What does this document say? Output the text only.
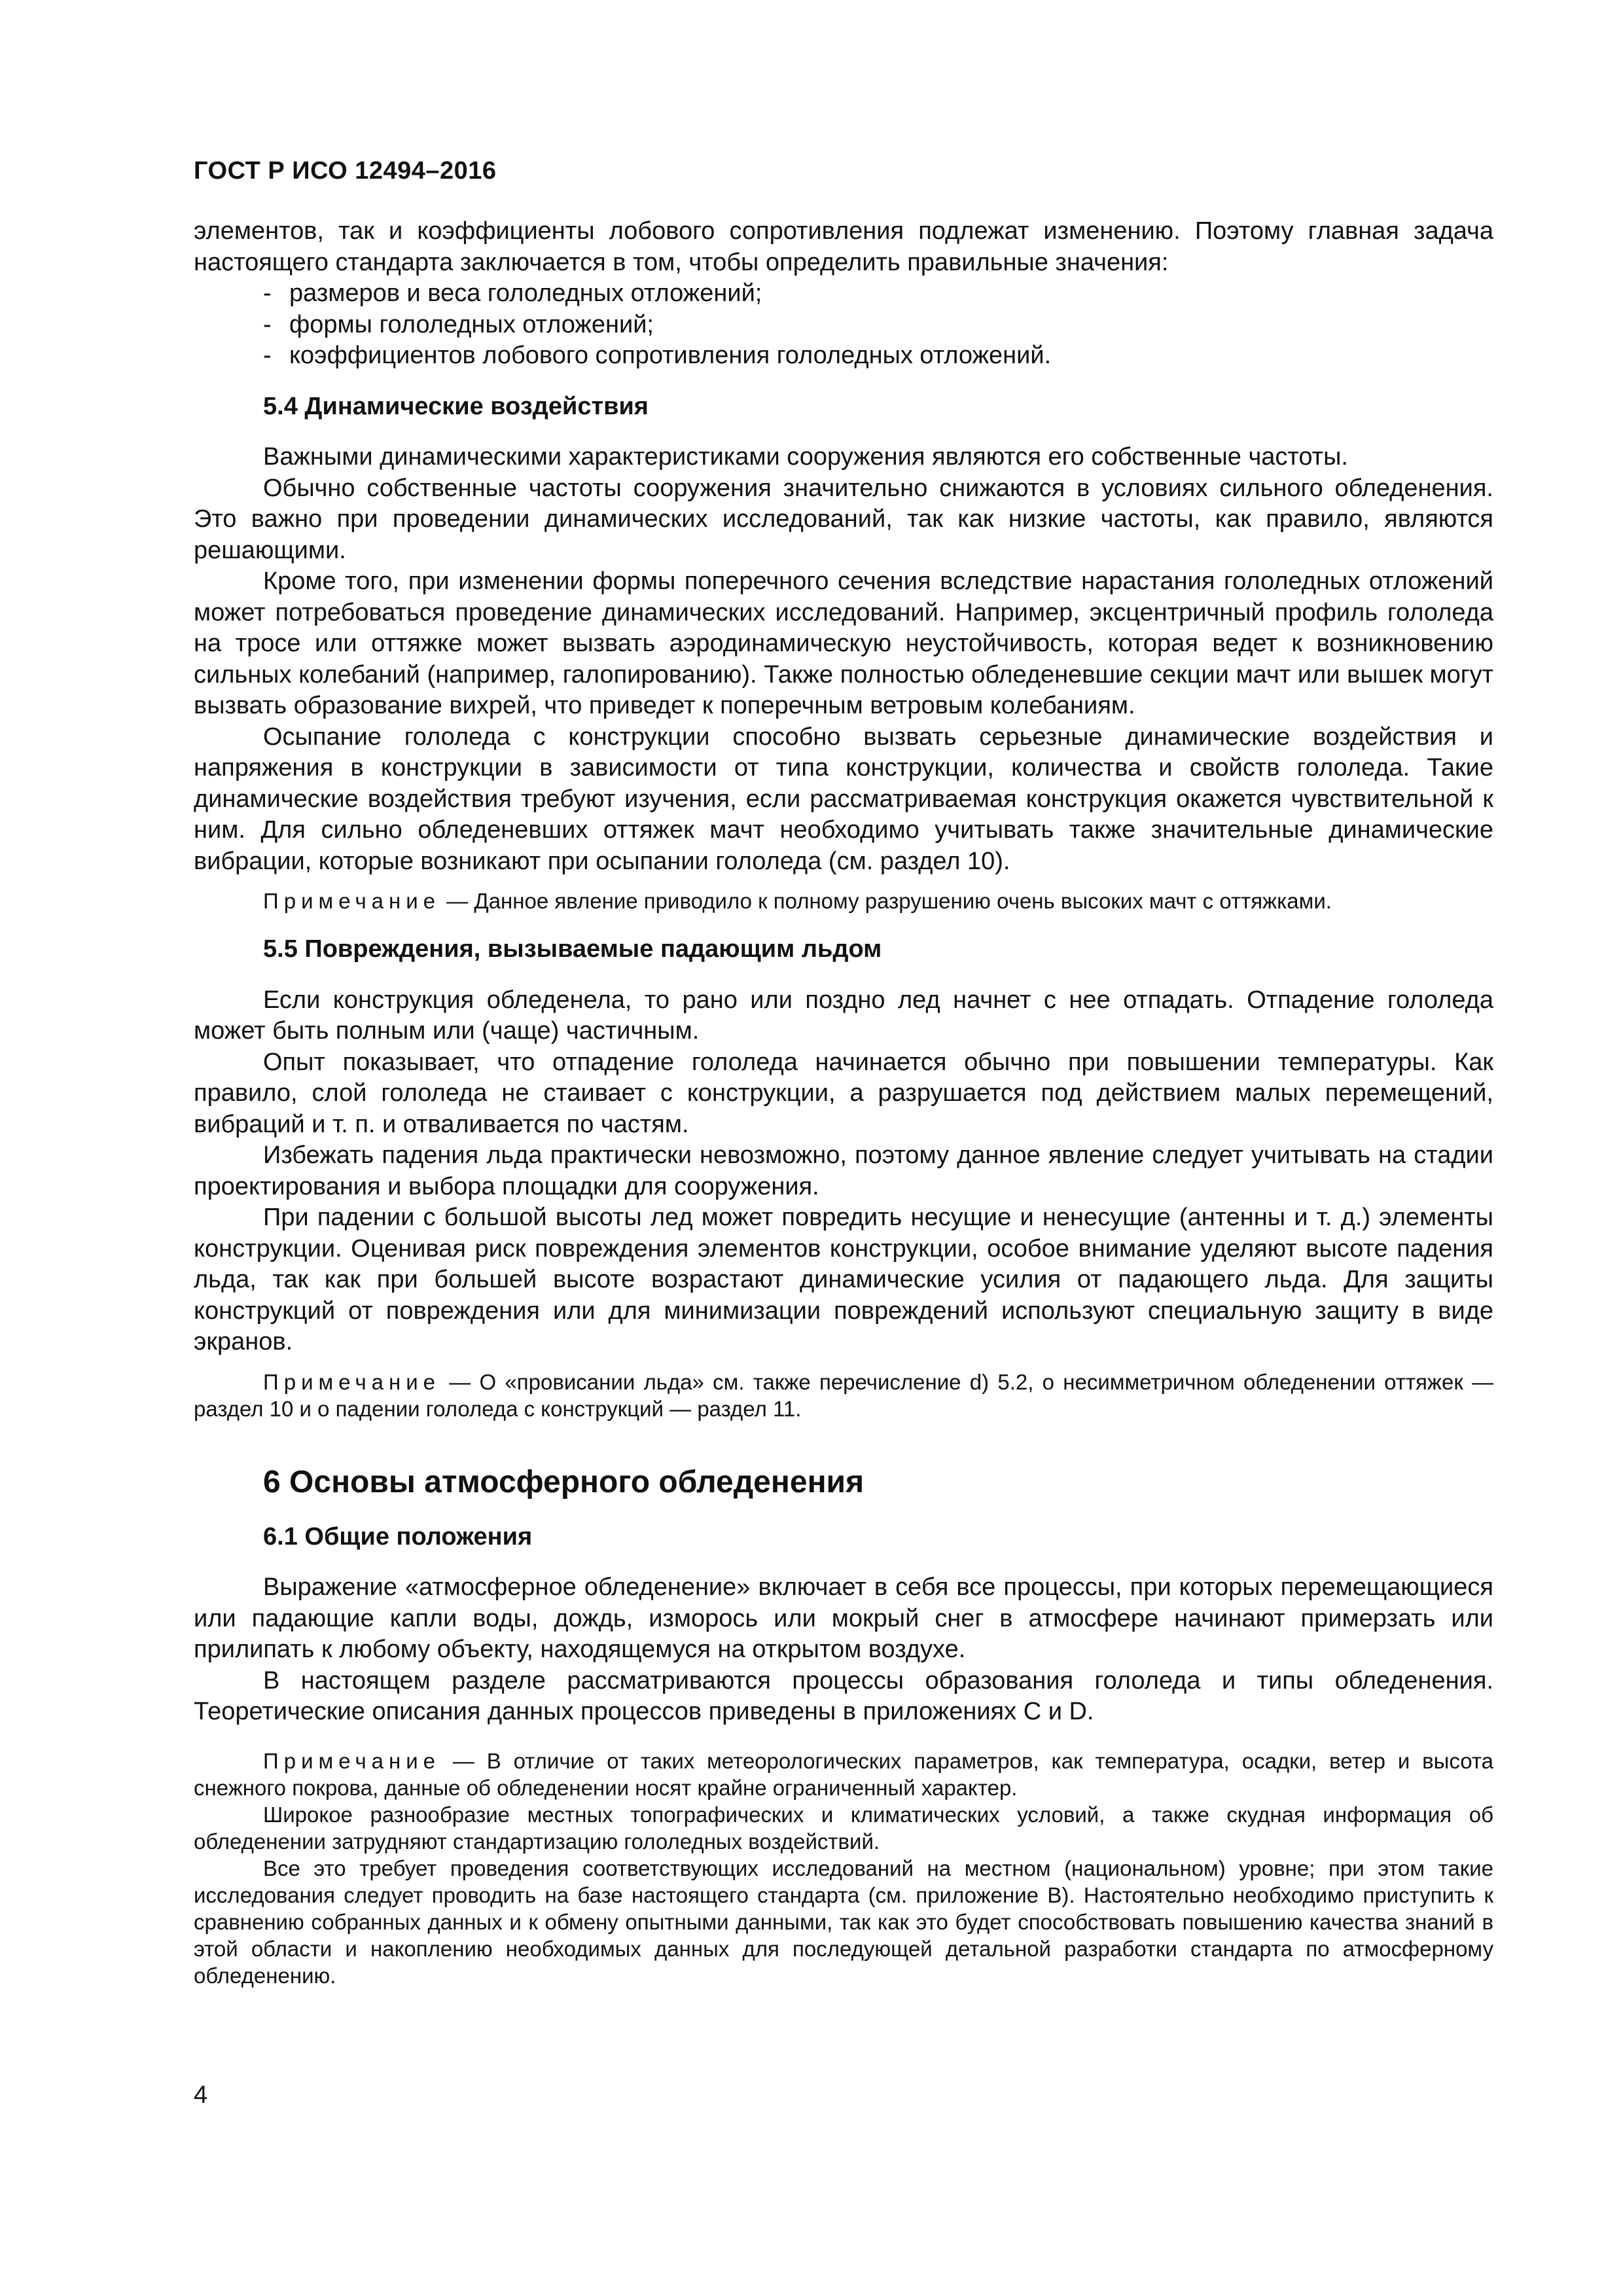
ГОСТ Р ИСО 12494–2016

элементов, так и коэффициенты лобового сопротивления подлежат изменению. Поэтому главная задача настоящего стандарта заключается в том, чтобы определить правильные значения:

- размеров и веса гололедных отложений;
- формы гололедных отложений;
- коэффициентов лобового сопротивления гололедных отложений.
5.4 Динамические воздействия

Важными динамическими характеристиками сооружения являются его собственные частоты.

Обычно собственные частоты сооружения значительно снижаются в условиях сильного обледенения. Это важно при проведении динамических исследований, так как низкие частоты, как правило, являются решающими.

Кроме того, при изменении формы поперечного сечения вследствие нарастания гололедных отложений может потребоваться проведение динамических исследований. Например, эксцентричный профиль гололеда на тросе или оттяжке может вызвать аэродинамическую неустойчивость, которая ведет к возникновению сильных колебаний (например, галопированию). Также полностью обледеневшие секции мачт или вышек могут вызвать образование вихрей, что приведет к поперечным ветровым колебаниям.

Осыпание гололеда с конструкции способно вызвать серьезные динамические воздействия и напряжения в конструкции в зависимости от типа конструкции, количества и свойств гололеда. Такие динамические воздействия требуют изучения, если рассматриваемая конструкция окажется чувствительной к ним. Для сильно обледеневших оттяжек мачт необходимо учитывать также значительные динамические вибрации, которые возникают при осыпании гололеда (см. раздел 10).

Примечание — Данное явление приводило к полному разрушению очень высоких мачт с оттяжками.

5.5 Повреждения, вызываемые падающим льдом

Если конструкция обледенела, то рано или поздно лед начнет с нее отпадать. Отпадение гололеда может быть полным или (чаще) частичным.

Опыт показывает, что отпадение гололеда начинается обычно при повышении температуры. Как правило, слой гололеда не стаивает с конструкции, а разрушается под действием малых перемещений, вибраций и т. п. и отваливается по частям.

Избежать падения льда практически невозможно, поэтому данное явление следует учитывать на стадии проектирования и выбора площадки для сооружения.

При падении с большой высоты лед может повредить несущие и ненесущие (антенны и т. д.) элементы конструкции. Оценивая риск повреждения элементов конструкции, особое внимание уделяют высоте падения льда, так как при большей высоте возрастают динамические усилия от падающего льда. Для защиты конструкций от повреждения или для минимизации повреждений используют специальную защиту в виде экранов.

Примечание — О «провисании льда» см. также перечисление d) 5.2, о несимметричном обледенении оттяжек — раздел 10 и о падении гололеда с конструкций — раздел 11.

6 Основы атмосферного обледенения
6.1 Общие положения

Выражение «атмосферное обледенение» включает в себя все процессы, при которых перемещающиеся или падающие капли воды, дождь, изморось или мокрый снег в атмосфере начинают примерзать или прилипать к любому объекту, находящемуся на открытом воздухе.

В настоящем разделе рассматриваются процессы образования гололеда и типы обледенения. Теоретические описания данных процессов приведены в приложениях C и D.

Примечание — В отличие от таких метеорологических параметров, как температура, осадки, ветер и высота снежного покрова, данные об обледенении носят крайне ограниченный характер.

Широкое разнообразие местных топографических и климатических условий, а также скудная информация об обледенении затрудняют стандартизацию гололедных воздействий.

Все это требует проведения соответствующих исследований на местном (национальном) уровне; при этом такие исследования следует проводить на базе настоящего стандарта (см. приложение B). Настоятельно необходимо приступить к сравнению собранных данных и к обмену опытными данными, так как это будет способствовать повышению качества знаний в этой области и накоплению необходимых данных для последующей детальной разработки стандарта по атмосферному обледенению.

4
